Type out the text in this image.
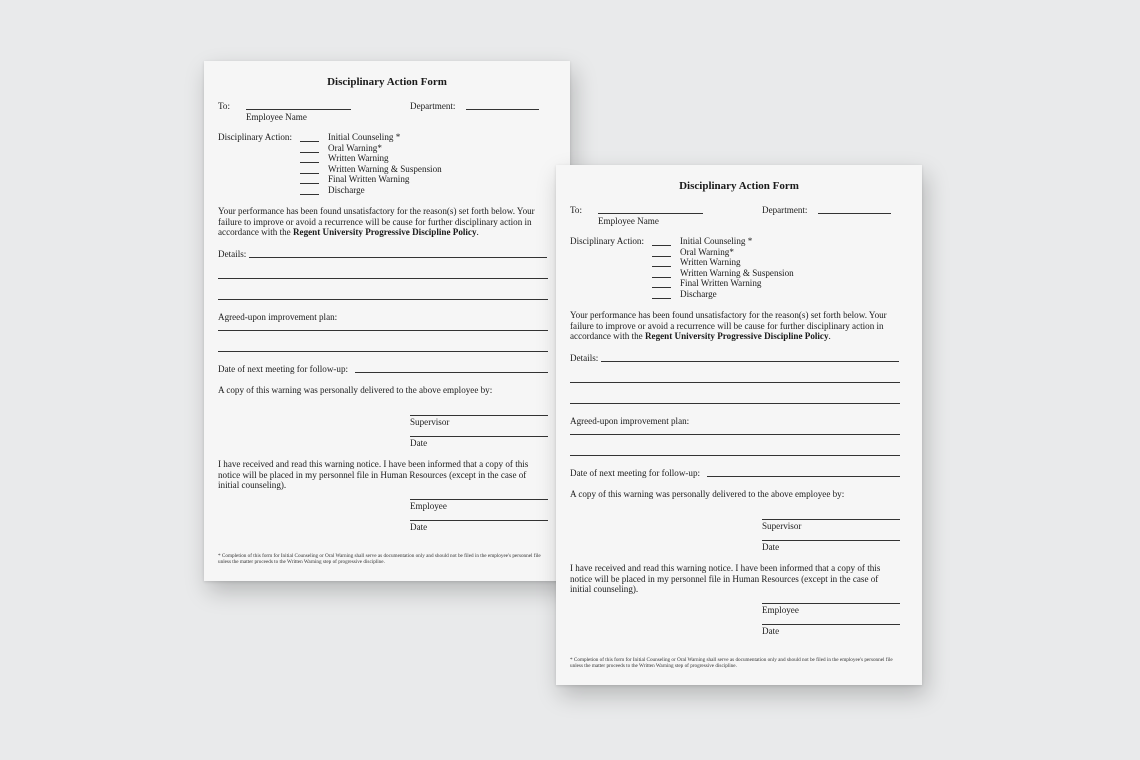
Disciplinary Action Form
To:
Employee Name
Department:
Disciplinary Action:	Initial Counseling *
Oral Warning*
Written Warning
Written Warning & Suspension
Final Written Warning
Discharge
Your performance has been found unsatisfactory for the reason(s) set forth below. Your failure to improve or avoid a recurrence will be cause for further disciplinary action in accordance with the Regent University Progressive Discipline Policy.
Details:
Agreed-upon improvement plan:
Date of next meeting for follow-up:
A copy of this warning was personally delivered to the above employee by:
Supervisor
Date
I have received and read this warning notice. I have been informed that a copy of this notice will be placed in my personnel file in Human Resources (except in the case of initial counseling).
Employee
Date
* Completion of this form for Initial Counseling or Oral Warning shall serve as documentation only and should not be filed in the employee's personnel file unless the matter proceeds to the Written Warning step of progressive discipline.
Disciplinary Action Form
To:
Employee Name
Department:
Disciplinary Action:	Initial Counseling *
Oral Warning*
Written Warning
Written Warning & Suspension
Final Written Warning
Discharge
Your performance has been found unsatisfactory for the reason(s) set forth below. Your failure to improve or avoid a recurrence will be cause for further disciplinary action in accordance with the Regent University Progressive Discipline Policy.
Details:
Agreed-upon improvement plan:
Date of next meeting for follow-up:
A copy of this warning was personally delivered to the above employee by:
Supervisor
Date
I have received and read this warning notice. I have been informed that a copy of this notice will be placed in my personnel file in Human Resources (except in the case of initial counseling).
Employee
Date
* Completion of this form for Initial Counseling or Oral Warning shall serve as documentation only and should not be filed in the employee's personnel file unless the matter proceeds to the Written Warning step of progressive discipline.
